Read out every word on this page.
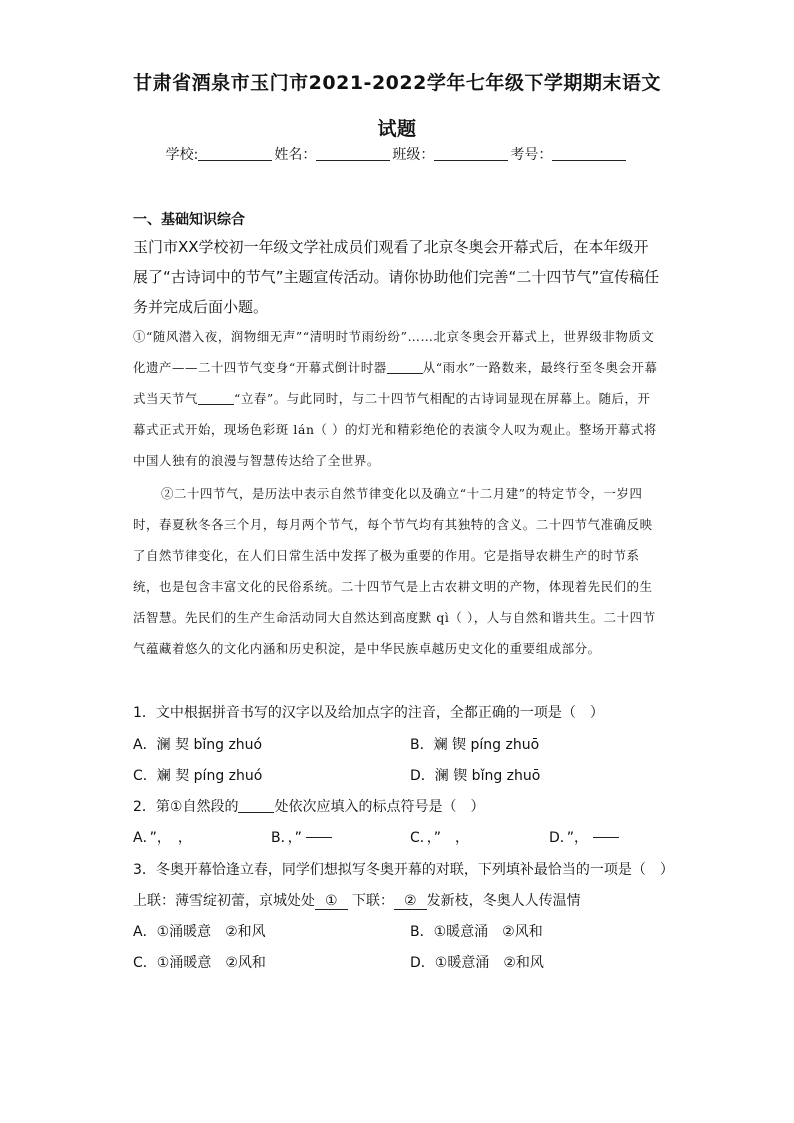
甘肃省酒泉市玉门市2021-2022学年七年级下学期期末语文
试题
学校:	姓名：	班级：	考号：
一、基础知识综合
玉门市XX学校初一年级文学社成员们观看了北京冬奥会开幕式后，在本年级开展了“古诗词中的节气”主题宣传活动。请你协助他们完善“二十四节气”宣传稿任务并完成后面小题。
①“随风潜入夜，润物细无声”“清明时节雨纷纷”……北京冬奥会开幕式上，世界级非物质文化遗产——二十四节气变身“开幕式倒计时器	从“雨水”一路数来，最终行至冬奥会开幕式当天节气	“立春”。与此同时，与二十四节气相配的古诗词显现在屏幕上。随后，开幕式正式开始，现场色彩斑 lán（ ）的灯光和精彩绝伦的表演令人叹为观止。整场开幕式将中国人独有的浪漫与智慧传达给了全世界。
②二十四节气，是历法中表示自然节律变化以及确立“十二月建”的特定节令，一岁四时，春夏秋冬各三个月，每月两个节气，每个节气均有其独特的含义。二十四节气准确反映了自然节律变化，在人们日常生活中发挥了极为重要的作用。它是指导农耕生产的时节系统，也是包含丰富文化的民俗系统。二十四节气是上古农耕文明的产物，体现着先民们的生活智慧。先民们的生产生命活动同大自然达到高度默 qì（ ），人与自然和谐共生。二十四节气蕴藏着悠久的文化内涵和历史积淀，是中华民族卓越历史文化的重要组成部分。
1．文中根据拼音书写的汉字以及给加点字的注音，全都正确的一项是（　）
A．澜 契 bǐng zhuó	B．斓 锲 píng zhuō
C．斓 契 píng zhuó	D．澜 锲 bǐng zhuō
2．第①自然段的	处依次应填入的标点符号是（　）
A．”，　，	B．，”	C．，”　，	D．”，
3．冬奥开幕恰逢立春，同学们想拟写冬奥开幕的对联，下列填补最恰当的一项是（　）
上联：薄雪绽初蕾，京城处处 ① 下联： ② 发新枝，冬奥人人传温情
A．①涌暖意　②和风	B．①暖意涌　②风和
C．①涌暖意　②风和	D．①暖意涌　②和风
